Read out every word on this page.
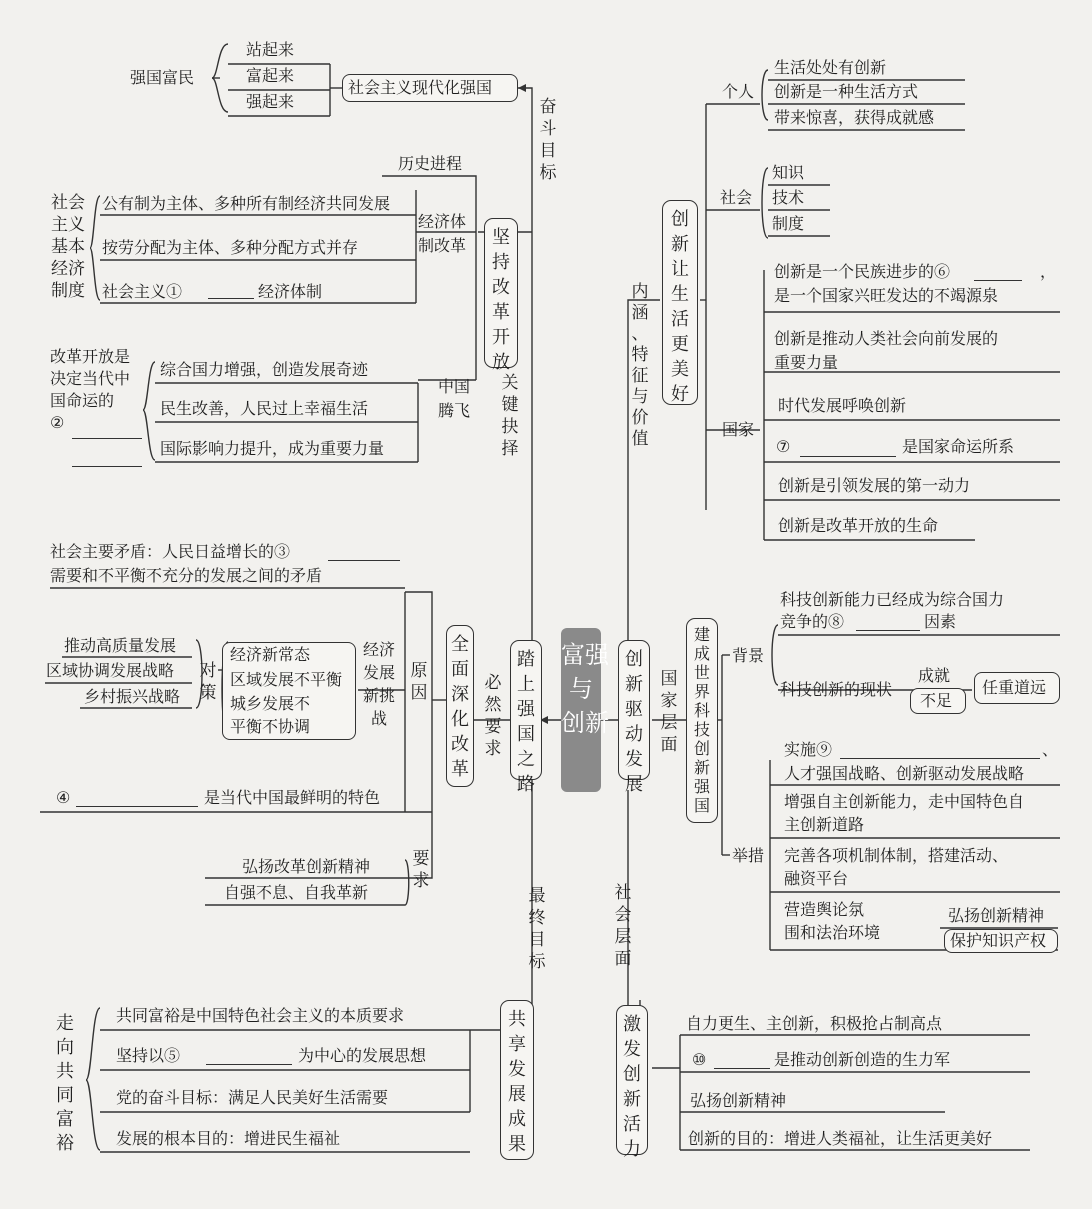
富强
与
创新
踏
上
强
国
之
路
创
新
驱
动
发
展
坚
持
改
革
开
放
全
面
深
化
改
革
共
享
发
展
成
果
创
新
让
生
活
更
美
好
建
成
世
界
科
技
创
新
强
国
激
发
创
新
活
力
奋
斗
目
标
关
键
抉
择
必
然
要
求
最
终
目
标
内
涵
、
特
征
与
价
值
国
家
层
面
社
会
层
面
社会主义现代化强国
强国富民
站起来
富起来
强起来
历史进程
经济体
制改革
社会
主义
基本
经济
制度
公有制为主体、多种所有制经济共同发展
按劳分配为主体、多种分配方式并存
社会主义①	经济体制
中国
腾飞
改革开放是
决定当代中
国命运的
②
综合国力增强，创造发展奇迹
民生改善，人民过上幸福生活
国际影响力提升，成为重要力量
社会主要矛盾：人民日益增长的③
需要和不平衡不充分的发展之间的矛盾
原
因
经济
发展
新挑
战
对
策
推动高质量发展
区域协调发展战略
乡村振兴战略
经济新常态
区域发展不平衡
城乡发展不
平衡不协调
④	是当代中国最鲜明的特色
要
求
弘扬改革创新精神
自强不息、自我革新
走
向
共
同
富
裕
共同富裕是中国特色社会主义的本质要求
坚持以⑤	为中心的发展思想
党的奋斗目标：满足人民美好生活需要
发展的根本目的：增进民生福祉
个人
生活处处有创新
创新是一种生活方式
带来惊喜，获得成就感
社会
知识
技术
制度
国家
创新是一个民族进步的⑥	，
是一个国家兴旺发达的不竭源泉
创新是推动人类社会向前发展的
重要力量
时代发展呼唤创新
⑦	是国家命运所系
创新是引领发展的第一动力
创新是改革开放的生命
背景
科技创新能力已经成为综合国力
竞争的⑧	因素
科技创新的现状
成就
不足
任重道远
举措
实施⑨	、
人才强国战略、创新驱动发展战略
增强自主创新能力，走中国特色自
主创新道路
完善各项机制体制，搭建活动、
融资平台
营造舆论氛
围和法治环境
弘扬创新精神
保护知识产权
自力更生、主创新，积极抢占制高点
⑩	是推动创新创造的生力军
弘扬创新精神
创新的目的：增进人类福祉，让生活更美好
